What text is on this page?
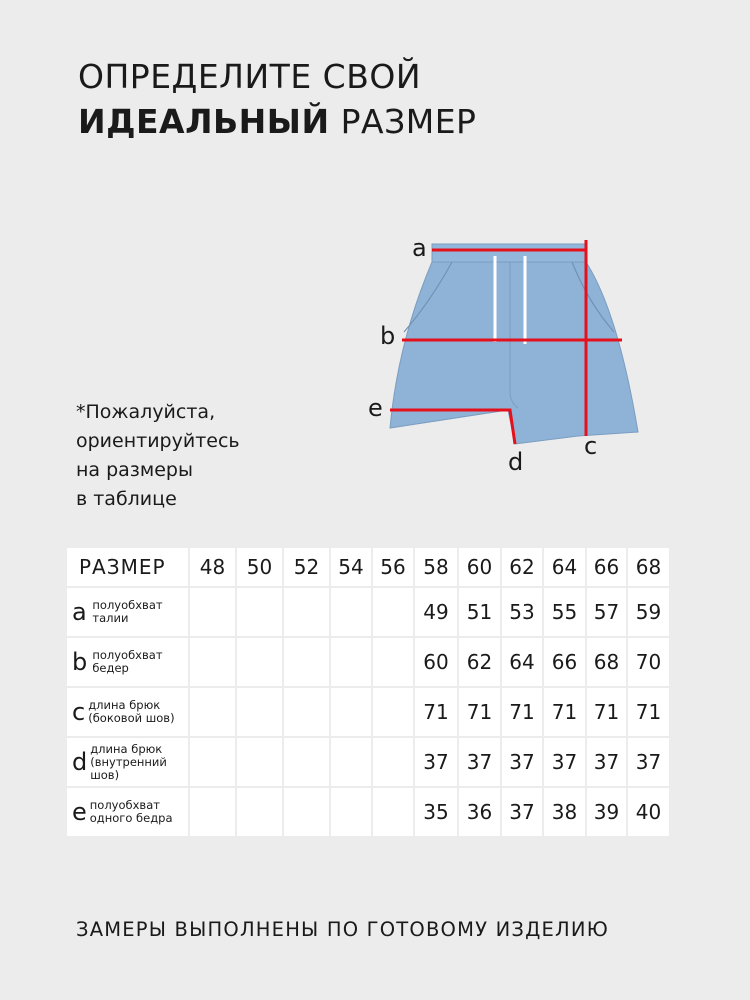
ОПРЕДЕЛИТЕ СВОЙ
ИДЕАЛЬНЫЙ РАЗМЕР
*Пожалуйста,
ориентируйтесь
на размеры
в таблице
a
b
c
d
e
РАЗМЕР	48	50	52	54	56	58	60	62	64	66	68

a полуобхват талии						49	51	53	55	57	59

b полуобхват бедер						60	62	64	66	68	70

c длина брюк (боковой шов)						71	71	71	71	71	71

d длина брюк (внутренний шов)						37	37	37	37	37	37

e полуобхват одного бедра						35	36	37	38	39	40
ЗАМЕРЫ ВЫПОЛНЕНЫ ПО ГОТОВОМУ ИЗДЕЛИЮ
